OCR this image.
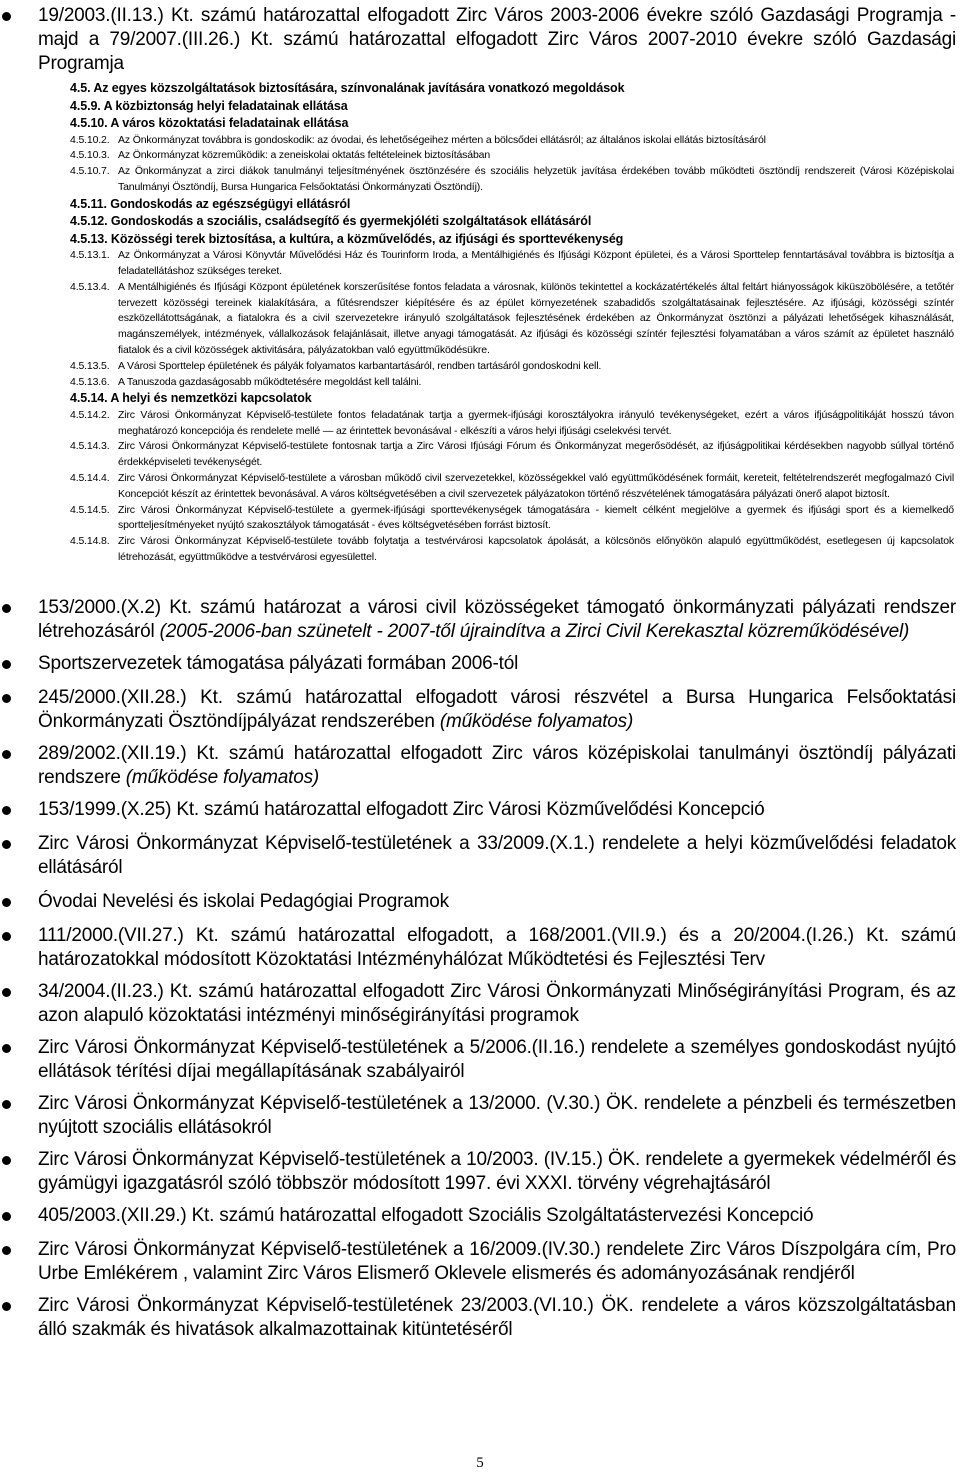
19/2003.(II.13.) Kt. számú határozattal elfogadott Zirc Város 2003-2006 évekre szóló Gazdasági Programja - majd a 79/2007.(III.26.) Kt. számú határozattal elfogadott Zirc Város 2007-2010 évekre szóló Gazdasági Programja
4.5. Az egyes közszolgáltatások biztosítására, színvonalának javítására vonatkozó megoldások
4.5.9. A közbiztonság helyi feladatainak ellátása
4.5.10. A város közoktatási feladatainak ellátása
4.5.10.2. Az Önkormányzat továbbra is gondoskodik: az óvodai, és lehetőségeihez mérten a bölcsődei ellátásról; az általános iskolai ellátás biztosításáról
4.5.10.3. Az Önkormányzat közreműködik: a zeneiskolai oktatás feltételeinek biztosításában
4.5.10.7. Az Önkormányzat a zirci diákok tanulmányi teljesítményének ösztönzésére és szociális helyzetük javítása érdekében tovább működteti ösztöndíj rendszereit (Városi Középiskolai Tanulmányi Ösztöndíj, Bursa Hungarica Felsőoktatási Önkormányzati Ösztöndíj).
4.5.11. Gondoskodás az egészségügyi ellátásról
4.5.12. Gondoskodás a szociális, családsegítő és gyermekjóléti szolgáltatások ellátásáról
4.5.13. Közösségi terek biztosítása, a kultúra, a közművelődés, az ifjúsági és sporttevékenység
4.5.13.1. Az Önkormányzat a Városi Könyvtár Művelődési Ház és Tourinform Iroda, a Mentálhigiénés és Ifjúsági Központ épületei, és a Városi Sporttelep fenntartásával továbbra is biztosítja a feladatellátáshoz szükséges tereket.
4.5.13.4. A Mentálhigiénés és Ifjúsági Központ épületének korszerűsítése fontos feladata a városnak, különös tekintettel a kockázatértékelés által feltárt hiányosságok kiküszöbölésére, a tetőtér tervezett közösségi tereinek kialakítására, a fűtésrendszer kiépítésére és az épület környezetének szabadidős szolgáltatásainak fejlesztésére. Az ifjúsági, közösségi színtér eszközellátottságának, a fiatalokra és a civil szervezetekre irányuló szolgáltatások fejlesztésének érdekében az Önkormányzat ösztönzi a pályázati lehetőségek kihasználását, magánszemélyek, intézmények, vállalkozások felajánlásait, illetve anyagi támogatását. Az ifjúsági és közösségi színtér fejlesztési folyamatában a város számít az épületet használó fiatalok és a civil közösségek aktivitására, pályázatokban való együttműködésükre.
4.5.13.5. A Városi Sporttelep épületének és pályák folyamatos karbantartásáról, rendben tartásáról gondoskodni kell.
4.5.13.6. A Tanuszoda gazdaságosabb működtetésére megoldást kell találni.
4.5.14. A helyi és nemzetközi kapcsolatok
4.5.14.2. Zirc Városi Önkormányzat Képviselő-testülete fontos feladatának tartja a gyermek-ifjúsági korosztályokra irányuló tevékenységeket, ezért a város ifjúságpolitikáját hosszú távon meghatározó koncepciója és rendelete mellé — az érintettek bevonásával - elkészíti a város helyi ifjúsági cselekvési tervét.
4.5.14.3. Zirc Városi Önkormányzat Képviselő-testülete fontosnak tartja a Zirc Városi Ifjúsági Fórum és Önkormányzat megerősödését, az ifjúságpolitikai kérdésekben nagyobb súllyal történő érdekképviseleti tevékenységét.
4.5.14.4. Zirc Városi Önkormányzat Képviselő-testülete a városban működő civil szervezetekkel, közösségekkel való együttműködésének formáit, kereteit, feltételrendszerét megfogalmazó Civil Koncepciót készít az érintettek bevonásával. A város költségvetésében a civil szervezetek pályázatokon történő részvételének támogatására pályázati önerő alapot biztosít.
4.5.14.5. Zirc Városi Önkormányzat Képviselő-testülete a gyermek-ifjúsági sporttevékenységek támogatására - kiemelt célként megjelölve a gyermek és ifjúsági sport és a kiemelkedő sportteljesítményeket nyújtó szakosztályok támogatását - éves költségvetésében forrást biztosít.
4.5.14.8. Zirc Városi Önkormányzat Képviselő-testülete tovább folytatja a testvérvárosi kapcsolatok ápolását, a kölcsönös előnyökön alapuló együttműködést, esetlegesen új kapcsolatok létrehozását, együttműködve a testvérvárosi egyesülettel.
153/2000.(X.2) Kt. számú határozat a városi civil közösségeket támogató önkormányzati pályázati rendszer létrehozásáról (2005-2006-ban szünetelt - 2007-től újraindítva a Zirci Civil Kerekasztal közreműködésével)
Sportszervezetek támogatása pályázati formában 2006-tól
245/2000.(XII.28.) Kt. számú határozattal elfogadott városi részvétel a Bursa Hungarica Felsőoktatási Önkormányzati Ösztöndíjpályázat rendszerében (működése folyamatos)
289/2002.(XII.19.) Kt. számú határozattal elfogadott Zirc város középiskolai tanulmányi ösztöndíj pályázati rendszere (működése folyamatos)
153/1999.(X.25) Kt. számú határozattal elfogadott Zirc Városi Közművelődési Koncepció
Zirc Városi Önkormányzat Képviselő-testületének a 33/2009.(X.1.) rendelete a helyi közművelődési feladatok ellátásáról
Óvodai Nevelési és iskolai Pedagógiai Programok
111/2000.(VII.27.) Kt. számú határozattal elfogadott, a 168/2001.(VII.9.) és a 20/2004.(I.26.) Kt. számú határozatokkal módosított Közoktatási Intézményhálózat Működtetési és Fejlesztési Terv
34/2004.(II.23.) Kt. számú határozattal elfogadott Zirc Városi Önkormányzati Minőségirányítási Program, és az azon alapuló közoktatási intézményi minőségirányítási programok
Zirc Városi Önkormányzat Képviselő-testületének a 5/2006.(II.16.) rendelete a személyes gondoskodást nyújtó ellátások térítési díjai megállapításának szabályairól
Zirc Városi Önkormányzat Képviselő-testületének a 13/2000. (V.30.) ÖK. rendelete a pénzbeli és természetben nyújtott szociális ellátásokról
Zirc Városi Önkormányzat Képviselő-testületének a 10/2003. (IV.15.) ÖK. rendelete a gyermekek védelméről és gyámügyi igazgatásról szóló többször módosított 1997. évi XXXI. törvény végrehajtásáról
405/2003.(XII.29.) Kt. számú határozattal elfogadott Szociális Szolgáltatástervezési Koncepció
Zirc Városi Önkormányzat Képviselő-testületének a 16/2009.(IV.30.) rendelete Zirc Város Díszpolgára cím, Pro Urbe Emlékérem , valamint Zirc Város Elismerő Oklevele elismerés és adományozásának rendjéről
Zirc Városi Önkormányzat Képviselő-testületének 23/2003.(VI.10.) ÖK. rendelete a város közszolgáltatásban álló szakmák és hivatások alkalmazottainak kitüntetéséről
5
